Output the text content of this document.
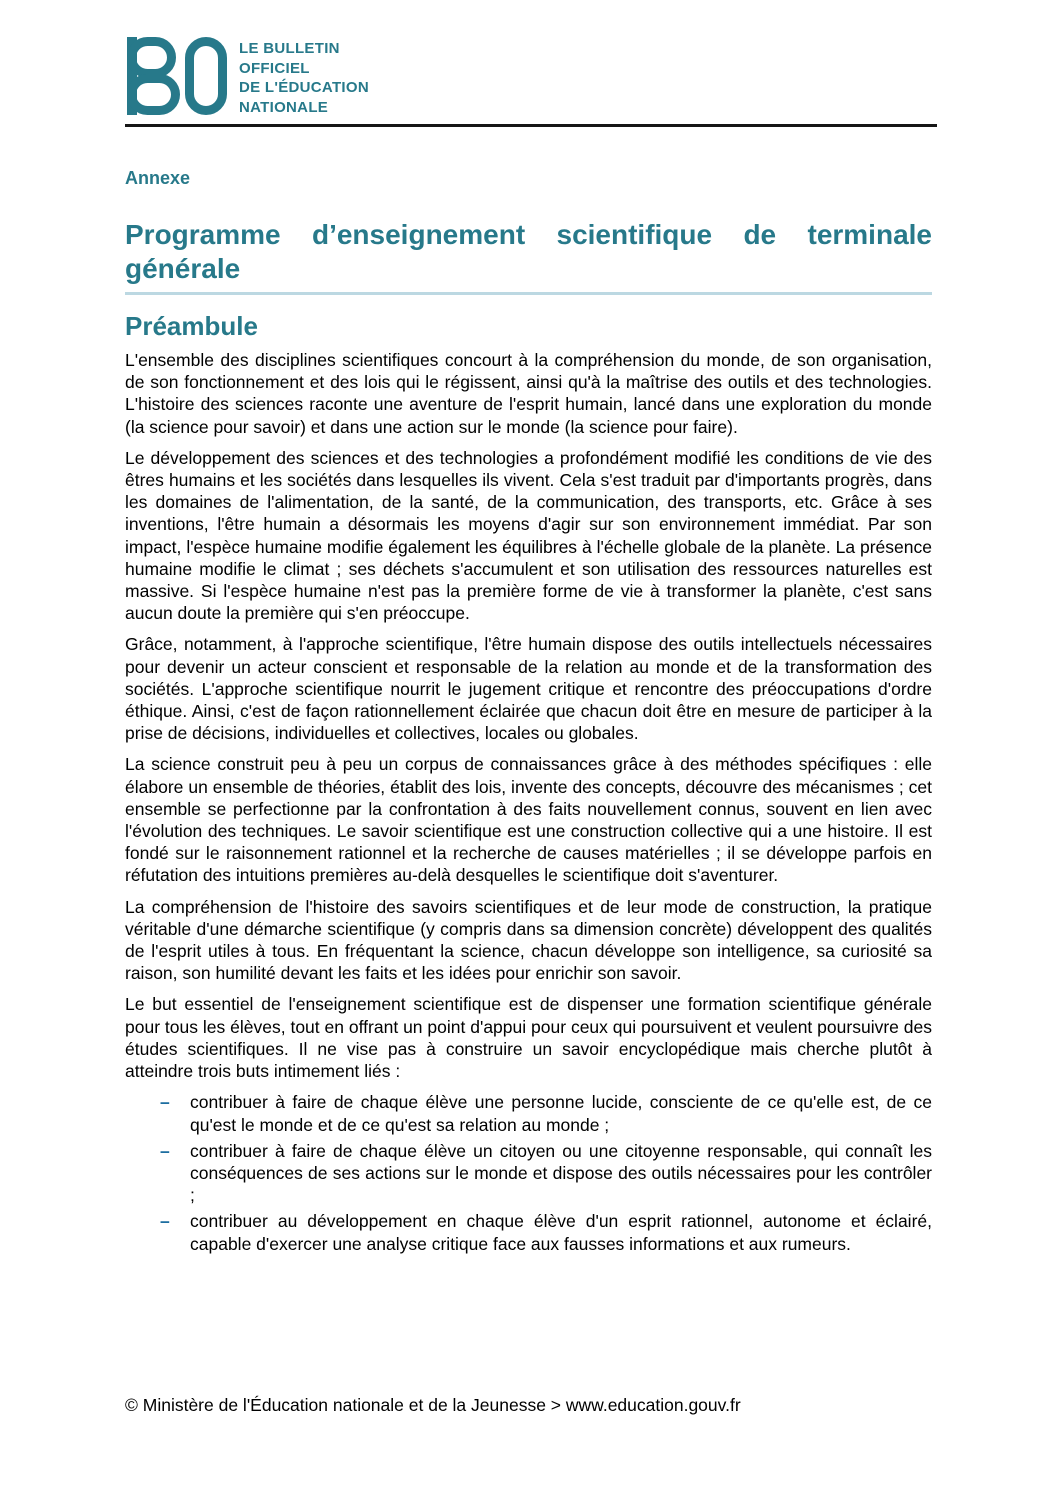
LE BULLETIN
OFFICIEL
DE L'ÉDUCATION
NATIONALE
Annexe
Programme d’enseignement scientifique de terminale générale
Préambule

L'ensemble des disciplines scientifiques concourt à la compréhension du monde, de son organisation, de son fonctionnement et des lois qui le régissent, ainsi qu'à la maîtrise des outils et des technologies. L'histoire des sciences raconte une aventure de l'esprit humain, lancé dans une exploration du monde (la science pour savoir) et dans une action sur le monde (la science pour faire).

Le développement des sciences et des technologies a profondément modifié les conditions de vie des êtres humains et les sociétés dans lesquelles ils vivent. Cela s'est traduit par d'importants progrès, dans les domaines de l'alimentation, de la santé, de la communication, des transports, etc. Grâce à ses inventions, l'être humain a désormais les moyens d'agir sur son environnement immédiat. Par son impact, l'espèce humaine modifie également les équilibres à l'échelle globale de la planète. La présence humaine modifie le climat ; ses déchets s'accumulent et son utilisation des ressources naturelles est massive. Si l'espèce humaine n'est pas la première forme de vie à transformer la planète, c'est sans aucun doute la première qui s'en préoccupe.

Grâce, notamment, à l'approche scientifique, l'être humain dispose des outils intellectuels nécessaires pour devenir un acteur conscient et responsable de la relation au monde et de la transformation des sociétés. L'approche scientifique nourrit le jugement critique et rencontre des préoccupations d'ordre éthique. Ainsi, c'est de façon rationnellement éclairée que chacun doit être en mesure de participer à la prise de décisions, individuelles et collectives, locales ou globales.

La science construit peu à peu un corpus de connaissances grâce à des méthodes spécifiques : elle élabore un ensemble de théories, établit des lois, invente des concepts, découvre des mécanismes ; cet ensemble se perfectionne par la confrontation à des faits nouvellement connus, souvent en lien avec l'évolution des techniques. Le savoir scientifique est une construction collective qui a une histoire. Il est fondé sur le raisonnement rationnel et la recherche de causes matérielles ; il se développe parfois en réfutation des intuitions premières au-delà desquelles le scientifique doit s'aventurer.

La compréhension de l'histoire des savoirs scientifiques et de leur mode de construction, la pratique véritable d'une démarche scientifique (y compris dans sa dimension concrète) développent des qualités de l'esprit utiles à tous. En fréquentant la science, chacun développe son intelligence, sa curiosité sa raison, son humilité devant les faits et les idées pour enrichir son savoir.

Le but essentiel de l'enseignement scientifique est de dispenser une formation scientifique générale pour tous les élèves, tout en offrant un point d'appui pour ceux qui poursuivent et veulent poursuivre des études scientifiques. Il ne vise pas à construire un savoir encyclopédique mais cherche plutôt à atteindre trois buts intimement liés :

–	contribuer à faire de chaque élève une personne lucide, consciente de ce qu'elle est, de ce qu'est le monde et de ce qu'est sa relation au monde ;
–	contribuer à faire de chaque élève un citoyen ou une citoyenne responsable, qui connaît les conséquences de ses actions sur le monde et dispose des outils nécessaires pour les contrôler ;
–	contribuer au développement en chaque élève d'un esprit rationnel, autonome et éclairé, capable d'exercer une analyse critique face aux fausses informations et aux rumeurs.
© Ministère de l'Éducation nationale et de la Jeunesse > www.education.gouv.fr
